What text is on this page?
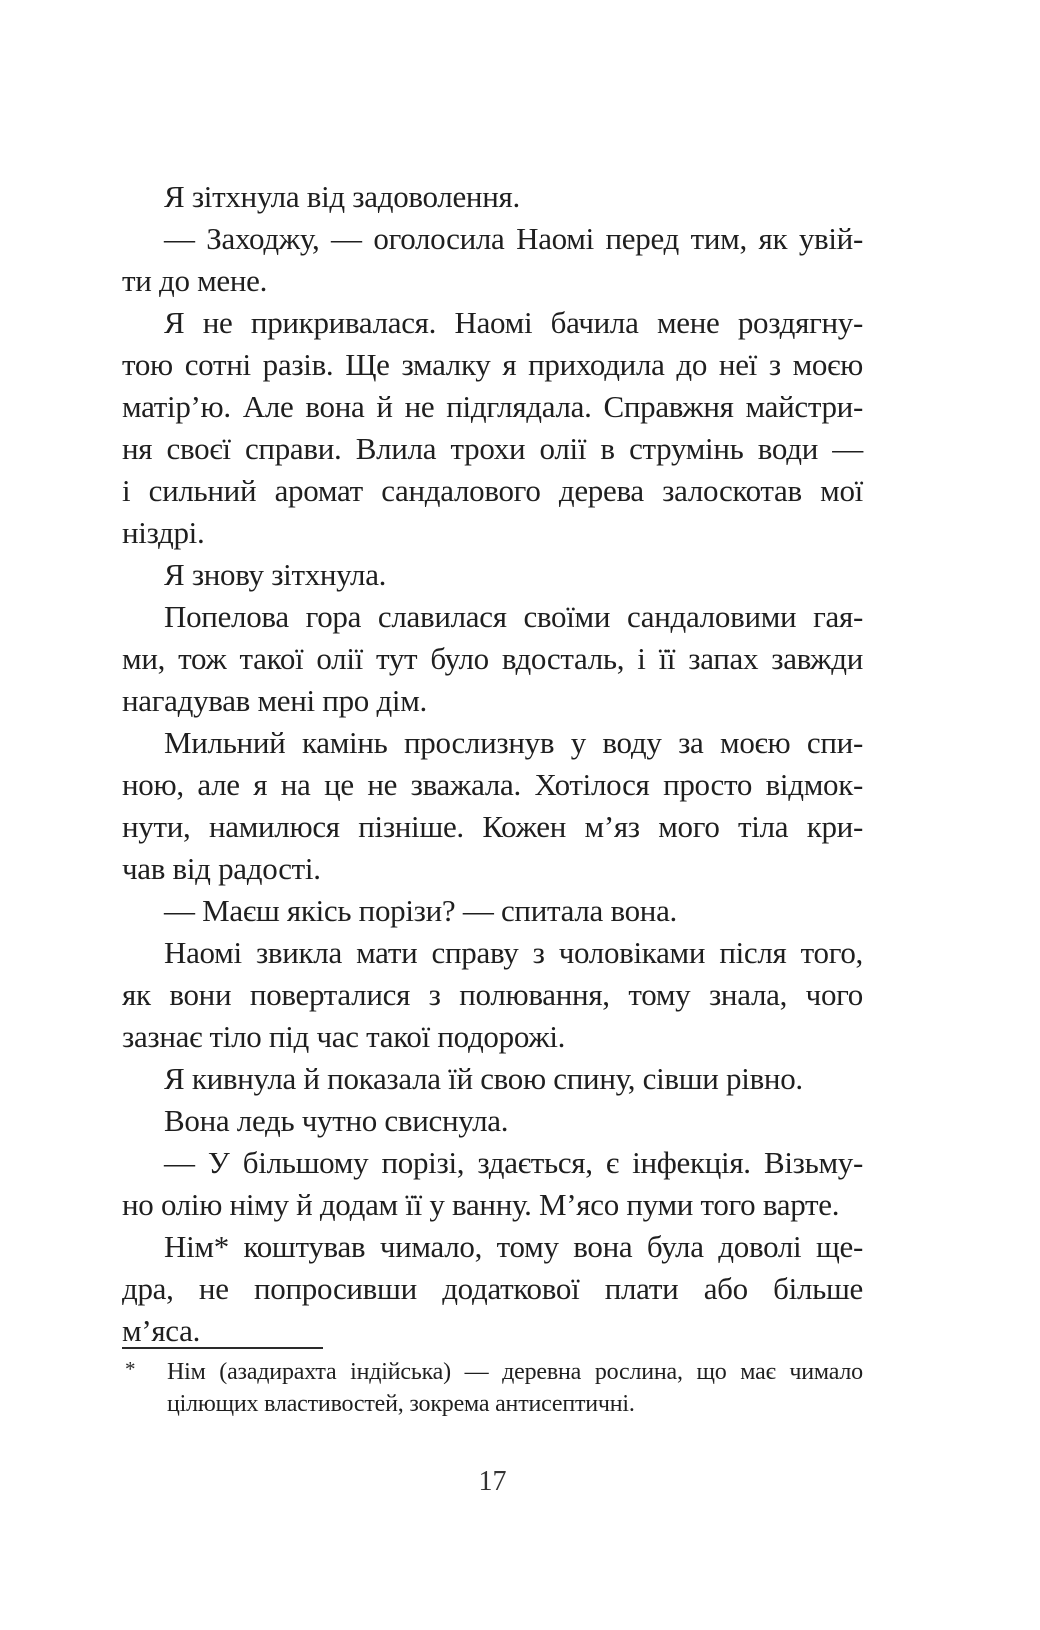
Я зітхнула від задоволення.
— Заходжу, — оголосила Наомі перед тим, як увій-
ти до мене.
Я не прикривалася. Наомі бачила мене роздягну-
тою сотні разів. Ще змалку я приходила до неї з моєю
матір’ю. Але вона й не підглядала. Справжня майстри-
ня своєї справи. Влила трохи олії в струмінь води —
і сильний аромат сандалового дерева залоскотав мої
ніздрі.
Я знову зітхнула.
Попелова гора славилася своїми сандаловими гая-
ми, тож такої олії тут було вдосталь, і її запах завжди
нагадував мені про дім.
Мильний камінь прослизнув у воду за моєю спи-
ною, але я на це не зважала. Хотілося просто відмок-
нути, намилюся пізніше. Кожен м’яз мого тіла кри-
чав від радості.
— Маєш якісь порізи? — спитала вона.
Наомі звикла мати справу з чоловіками після того,
як вони поверталися з полювання, тому знала, чого
зазнає тіло під час такої подорожі.
Я кивнула й показала їй свою спину, сівши рівно.
Вона ледь чутно свиснула.
— У більшому порізі, здається, є інфекція. Візьму-
но олію німу й додам її у ванну. М’ясо пуми того варте.
Нім* коштував чимало, тому вона була доволі ще-
дра, не попросивши додаткової плати або більше
м’яса.
* Нім (азадирахта індійська) — деревна рослина, що має чимало
цілющих властивостей, зокрема антисептичні.
17
